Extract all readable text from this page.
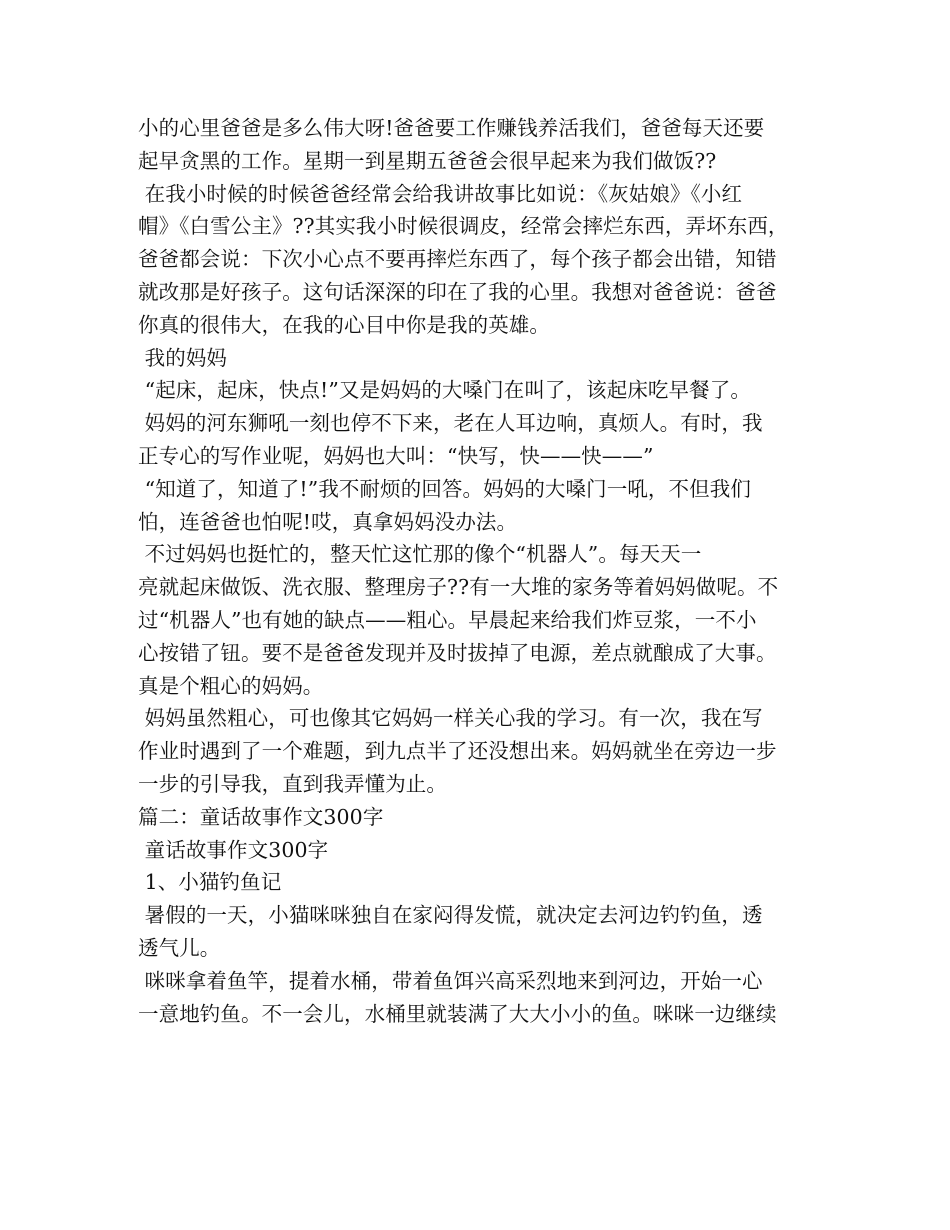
小的心里爸爸是多么伟大呀!爸爸要工作赚钱养活我们，爸爸每天还要
起早贪黑的工作。星期一到星期五爸爸会很早起来为我们做饭??
在我小时候的时候爸爸经常会给我讲故事比如说：《灰姑娘》《小红
帽》《白雪公主》??其实我小时候很调皮，经常会摔烂东西，弄坏东西，
爸爸都会说：下次小心点不要再摔烂东西了，每个孩子都会出错，知错
就改那是好孩子。这句话深深的印在了我的心里。我想对爸爸说：爸爸
你真的很伟大，在我的心目中你是我的英雄。
我的妈妈
“起床，起床，快点!”又是妈妈的大嗓门在叫了，该起床吃早餐了。
妈妈的河东狮吼一刻也停不下来，老在人耳边响，真烦人。有时，我
正专心的写作业呢，妈妈也大叫：“快写，快——快——”
“知道了，知道了!”我不耐烦的回答。妈妈的大嗓门一吼，不但我们
怕，连爸爸也怕呢!哎，真拿妈妈没办法。
不过妈妈也挺忙的，整天忙这忙那的像个“机器人”。每天天一
亮就起床做饭、洗衣服、整理房子??有一大堆的家务等着妈妈做呢。不
过“机器人”也有她的缺点——粗心。早晨起来给我们炸豆浆，一不小
心按错了钮。要不是爸爸发现并及时拔掉了电源，差点就酿成了大事。
真是个粗心的妈妈。
妈妈虽然粗心，可也像其它妈妈一样关心我的学习。有一次，我在写
作业时遇到了一个难题，到九点半了还没想出来。妈妈就坐在旁边一步
一步的引导我，直到我弄懂为止。
篇二：童话故事作文300字
童话故事作文300字
1、小猫钓鱼记
暑假的一天，小猫咪咪独自在家闷得发慌，就决定去河边钓钓鱼，透
透气儿。
咪咪拿着鱼竿，提着水桶，带着鱼饵兴高采烈地来到河边，开始一心
一意地钓鱼。不一会儿，水桶里就装满了大大小小的鱼。咪咪一边继续
